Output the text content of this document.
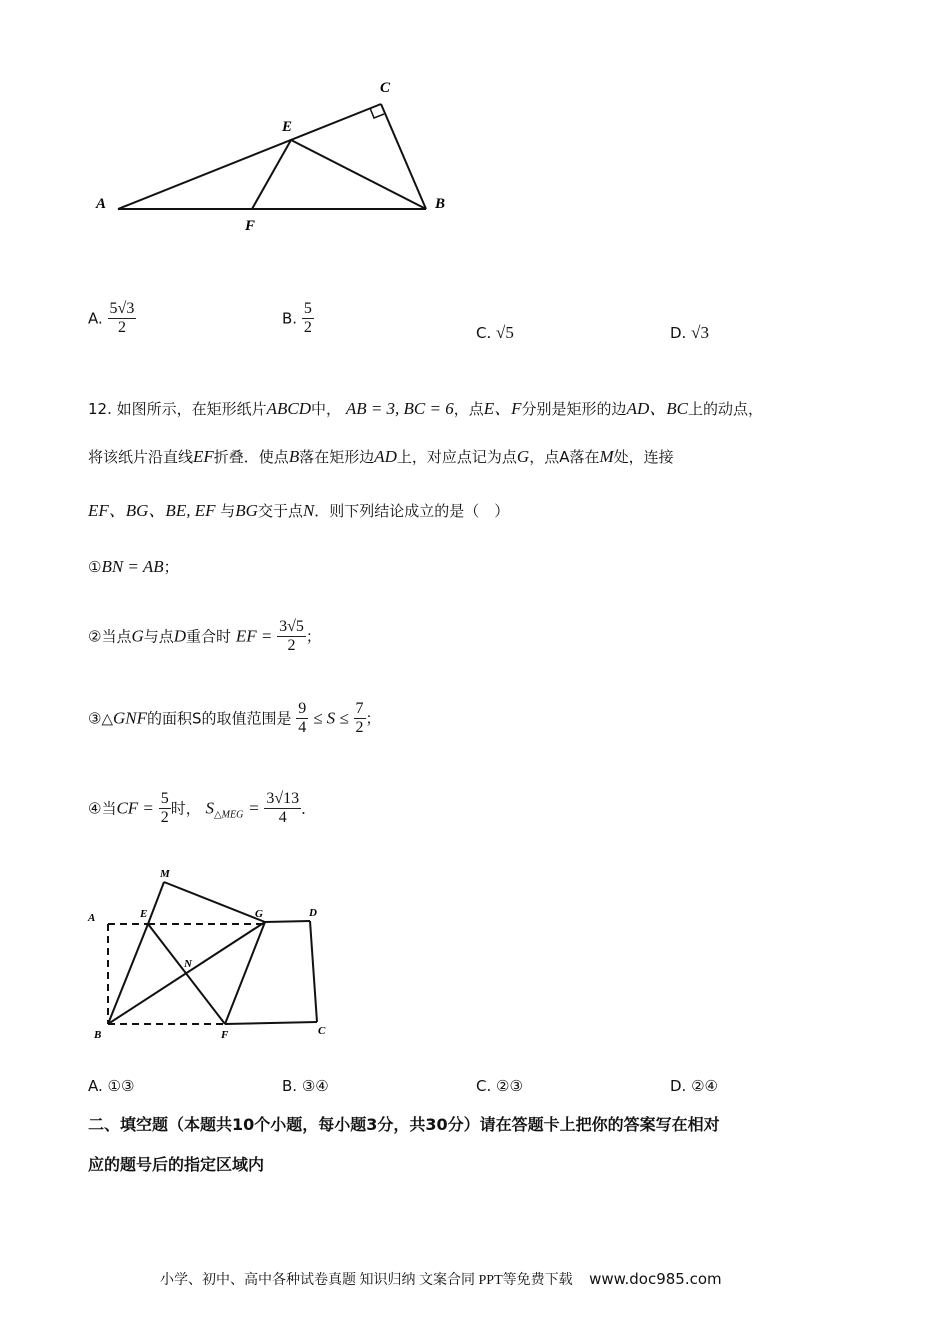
A	B
C
E
F
A. $\frac{5√3}{2}$	B. $\frac{5}{2}$	C. √5	D. √3
12. 如图所示，在矩形纸片ABCD中， AB = 3, BC = 6，点E、F分别是矩形的边AD、BC上的动点，
将该纸片沿直线EF折叠．使点B落在矩形边AD上，对应点记为点G，点A落在M处，连接
EF、BG、BE, EF 与BG交于点N．则下列结论成立的是（　）
①BN = AB；
②当点G与点D重合时 EF = $\frac{3√5}{2}$ ；
③△GNF的面积S的取值范围是 $\frac{9}{4} \le S \le \frac{7}{2}$ ；
④当CF = $\frac{5}{2}$ 时， $S_{\triangle MEG} = \frac{3√13}{4}$ ．
M
A	E	G	D
N
B	F	C
A. ①③	B. ③④	C. ②③	D. ②④
二、填空题（本题共10个小题，每小题3分，共30分）请在答题卡上把你的答案写在相对
应的题号后的指定区域内
小学、初中、高中各种试卷真题 知识归纳 文案合同 PPT等免费下载 www.doc985.com
